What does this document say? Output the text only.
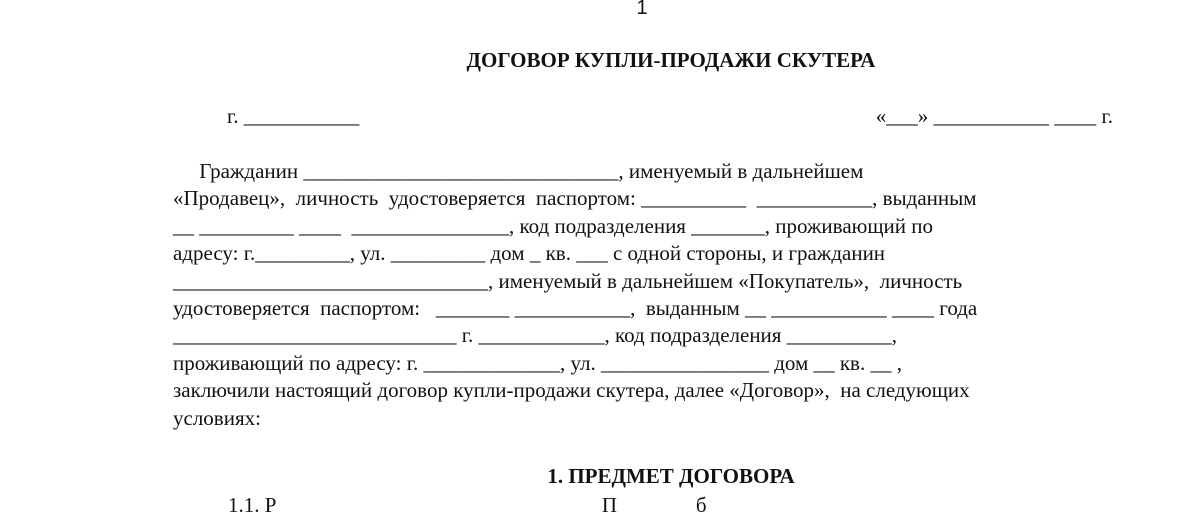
1
ДОГОВОР КУПЛИ-ПРОДАЖИ СКУТЕРА
г. ___________	«___» ___________ ____ г.
Гражданин ______________________________, именуемый в дальнейшем
«Продавец»,  личность  удостоверяется  паспортом: __________  ___________, выданным
__ _________ ____  _______________, код подразделения _______, проживающий по
адресу: г._________, ул. _________ дом _ кв. ___ с одной стороны, и гражданин
______________________________, именуемый в дальнейшем «Покупатель»,  личность
удостоверяется  паспортом:   _______ ___________,  выданным __ ___________ ____ года
___________________________ г. ____________, код подразделения __________,
проживающий по адресу: г. _____________, ул. ________________ дом __ кв. __ ,
заключили настоящий договор купли-продажи скутера, далее «Договор»,  на следующих
условиях:
1. ПРЕДМЕТ ДОГОВОРА
1.1. Р                                                              П               б
